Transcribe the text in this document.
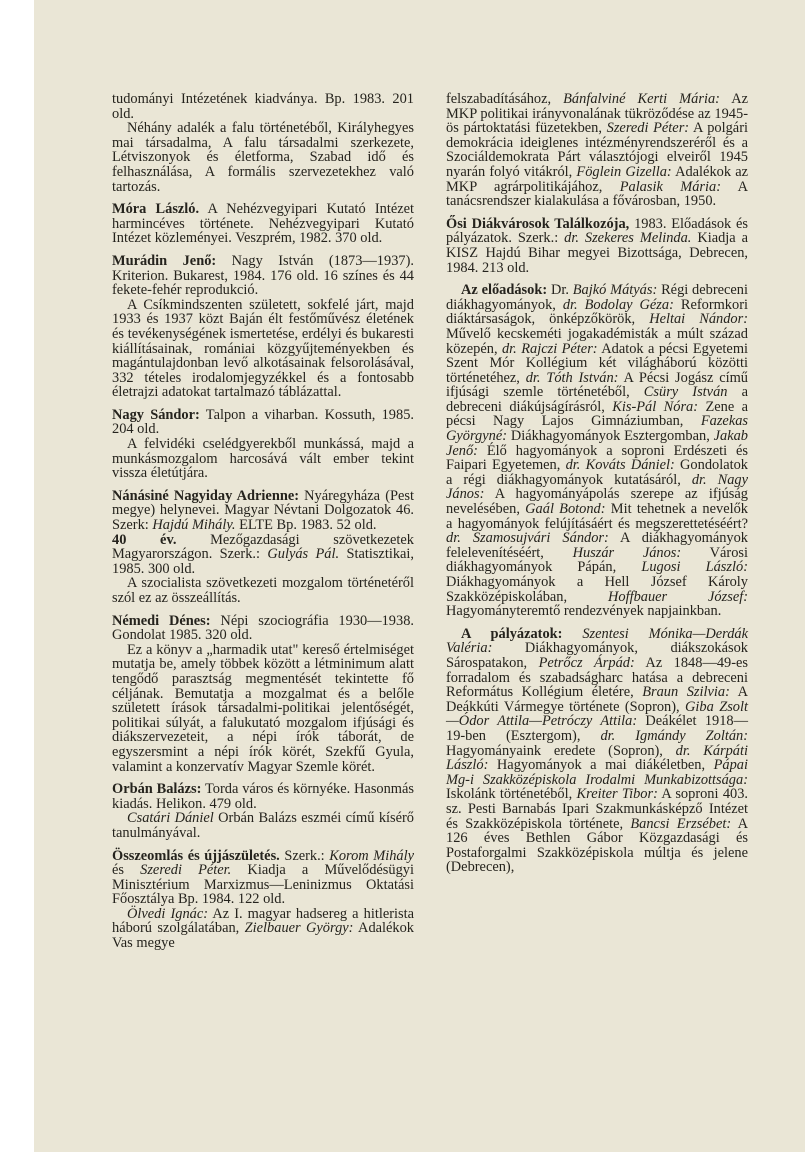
tudományi Intézetének kiadványa. Bp. 1983. 201 old.

Néhány adalék a falu történetéből, Királyhegyes mai társadalma, A falu társadalmi szerkezete, Létviszonyok és életforma, Szabad idő és felhasználása, A formális szervezetekhez való tartozás.

Móra László. A Nehézvegyipari Kutató Intézet harmincéves története. Nehézvegyipari Kutató Intézet közleményei. Veszprém, 1982. 370 old.

Murádin Jenő: Nagy István (1873—1937). Kriterion. Bukarest, 1984. 176 old. 16 színes és 44 fekete-fehér reprodukció.

A Csíkmindszenten született, sokfelé járt, majd 1933 és 1937 közt Baján élt festőművész életének és tevékenységének ismertetése, erdélyi és bukaresti kiállításainak, romániai közgyűjteményekben és magántulajdonban levő alkotásainak felsorolásával, 332 tételes irodalomjegyzékkel és a fontosabb életrajzi adatokat tartalmazó táblázattal.

Nagy Sándor: Talpon a viharban. Kossuth, 1985. 204 old.

A felvidéki cselédgyerekből munkássá, majd a munkásmozgalom harcosává vált ember tekint vissza életútjára.

Nánásiné Nagyiday Adrienne: Nyáregyháza (Pest megye) helynevei. Magyar Névtani Dolgozatok 46. Szerk: Hajdú Mihály. ELTE Bp. 1983. 52 old.

40 év. Mezőgazdasági szövetkezetek Magyarországon. Szerk.: Gulyás Pál. Statisztikai, 1985. 300 old.

A szocialista szövetkezeti mozgalom történetéről szól ez az összeállítás.

Némedi Dénes: Népi szociográfia 1930—1938. Gondolat 1985. 320 old.

Ez a könyv a „harmadik utat" kereső értelmiséget mutatja be, amely többek között a létminimum alatt tengődő parasztság megmentését tekintette fő céljának. Bemutatja a mozgalmat és a belőle született írások társadalmi-politikai jelentőségét, politikai súlyát, a falukutató mozgalom ifjúsági és diákszervezeteit, a népi írók táborát, de egyszersmint a népi írók körét, Szekfű Gyula, valamint a konzervatív Magyar Szemle körét.

Orbán Balázs: Torda város és környéke. Hasonmás kiadás. Helikon. 479 old.

Csatári Dániel Orbán Balázs eszméi című kísérő tanulmányával.

Összeomlás és újjászületés. Szerk.: Korom Mihály és Szeredi Péter. Kiadja a Művelődésügyi Minisztérium Marxizmus—Leninizmus Oktatási Főosztálya Bp. 1984. 122 old.

Ölvedi Ignác: Az I. magyar hadsereg a hitlerista háború szolgálatában, Zielbauer György: Adalékok Vas megye

felszabadításához, Bánfalviné Kerti Mária: Az MKP politikai irányvonalának tükröződése az 1945-ös pártoktatási füzetekben, Szeredi Péter: A polgári demokrácia ideiglenes intézményrendszeréről és a Szociáldemokrata Párt választójogi elveiről 1945 nyarán folyó vitákról, Föglein Gizella: Adalékok az MKP agrárpolitikájához, Palasik Mária: A tanácsrendszer kialakulása a fővárosban, 1950.

Ősi Diákvárosok Találkozója, 1983. Előadások és pályázatok. Szerk.: dr. Szekeres Melinda. Kiadja a KISZ Hajdú Bihar megyei Bizottsága, Debrecen, 1984. 213 old.

Az előadások: Dr. Bajkó Mátyás: Régi debreceni diákhagyományok, dr. Bodolay Géza: Reformkori diáktársaságok, önképzőkörök, Heltai Nándor: Művelő kecskeméti jogakadémisták a múlt század közepén, dr. Rajczi Péter: Adatok a pécsi Egyetemi Szent Mór Kollégium két világháború közötti történetéhez, dr. Tóth István: A Pécsi Jogász című ifjúsági szemle történetéből, Csüry István a debreceni diákújságírásról, Kis-Pál Nóra: Zene a pécsi Nagy Lajos Gimnáziumban, Fazekas Györgyné: Diákhagyományok Esztergomban, Jakab Jenő: Élő hagyományok a soproni Erdészeti és Faipari Egyetemen, dr. Kováts Dániel: Gondolatok a régi diákhagyományok kutatásáról, dr. Nagy János: A hagyományápolás szerepe az ifjúság nevelésében, Gaál Botond: Mit tehetnek a nevelők a hagyományok felújításáért és megszerettetéséért? dr. Szamosujvári Sándor: A diákhagyományok felelevenítéséért, Huszár János: Városi diákhagyományok Pápán, Lugosi László: Diákhagyományok a Hell József Károly Szakközépiskolában, Hoffbauer József: Hagyományteremtő rendezvények napjainkban.

A pályázatok: Szentesi Mónika—Derdák Valéria: Diákhagyományok, diákszokások Sárospatakon, Petrőcz Árpád: Az 1848—49-es forradalom és szabadságharc hatása a debreceni Református Kollégium életére, Braun Szilvia: A Deákkúti Vármegye története (Sopron), Giba Zsolt—Ódor Attila—Petróczy Attila: Deákélet 1918—19-ben (Esztergom), dr. Igmándy Zoltán: Hagyományaink eredete (Sopron), dr. Kárpáti László: Hagyományok a mai diákéletben, Pápai Mg-i Szakközépiskola Irodalmi Munkabizottsága: Iskolánk történetéből, Kreiter Tibor: A soproni 403. sz. Pesti Barnabás Ipari Szakmunkásképző Intézet és Szakközépiskola története, Bancsi Erzsébet: A 126 éves Bethlen Gábor Közgazdasági és Postaforgalmi Szakközépiskola múltja és jelene (Debrecen),
